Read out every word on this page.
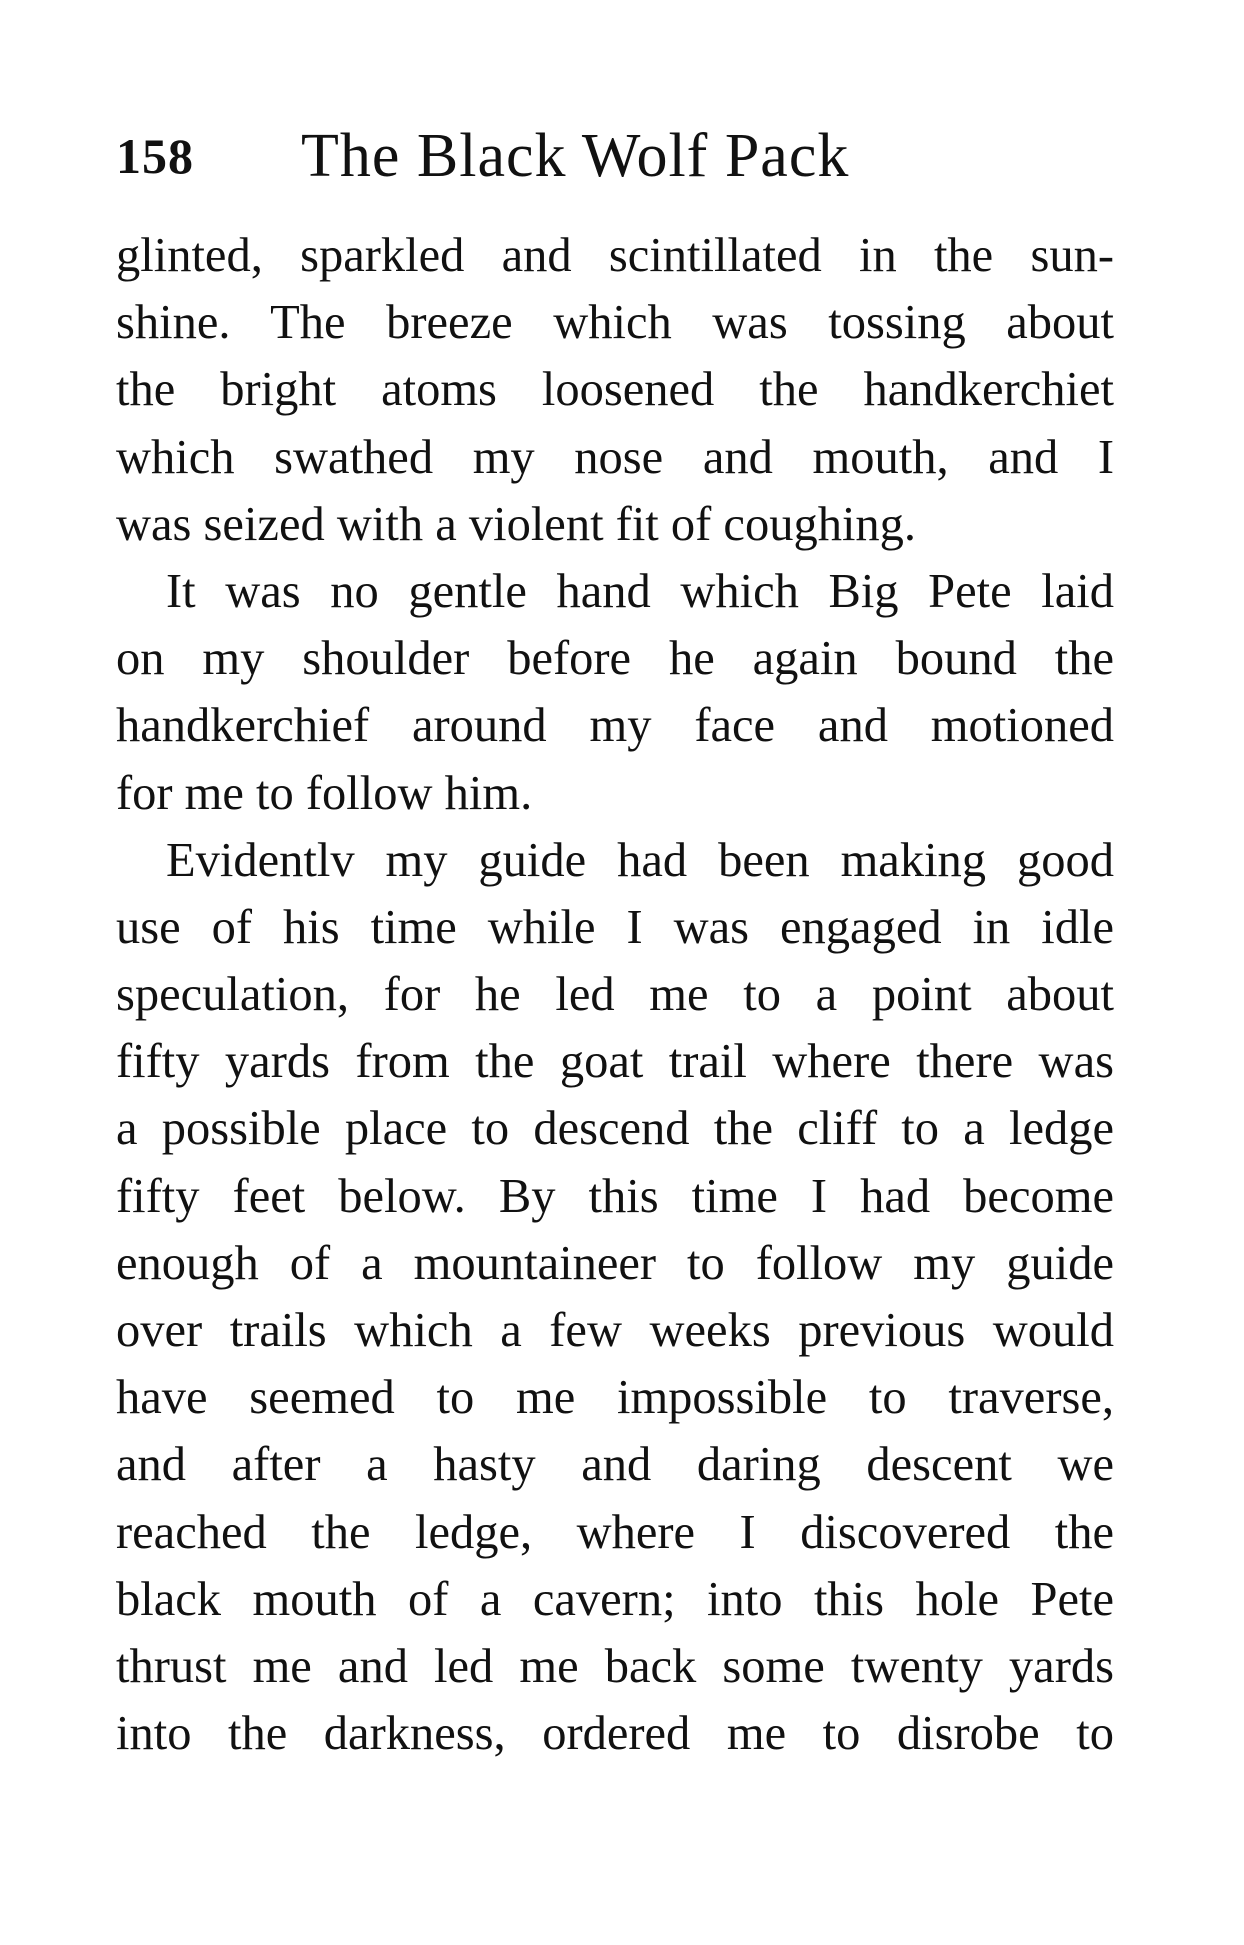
158 The Black Wolf Pack
glinted, sparkled and scintillated in the sun-
shine. The breeze which was tossing about
the bright atoms loosened the handkerchiet
which swathed my nose and mouth, and I
was seized with a violent fit of coughing.
It was no gentle hand which Big Pete laid
on my shoulder before he again bound the
handkerchief around my face and motioned
for me to follow him.
Evidentlv my guide had been making good
use of his time while I was engaged in idle
speculation, for he led me to a point about
fifty yards from the goat trail where there was
a possible place to descend the cliff to a ledge
fifty feet below. By this time I had become
enough of a mountaineer to follow my guide
over trails which a few weeks previous would
have seemed to me impossible to traverse,
and after a hasty and daring descent we
reached the ledge, where I discovered the
black mouth of a cavern; into this hole Pete
thrust me and led me back some twenty yards
into the darkness, ordered me to disrobe to
